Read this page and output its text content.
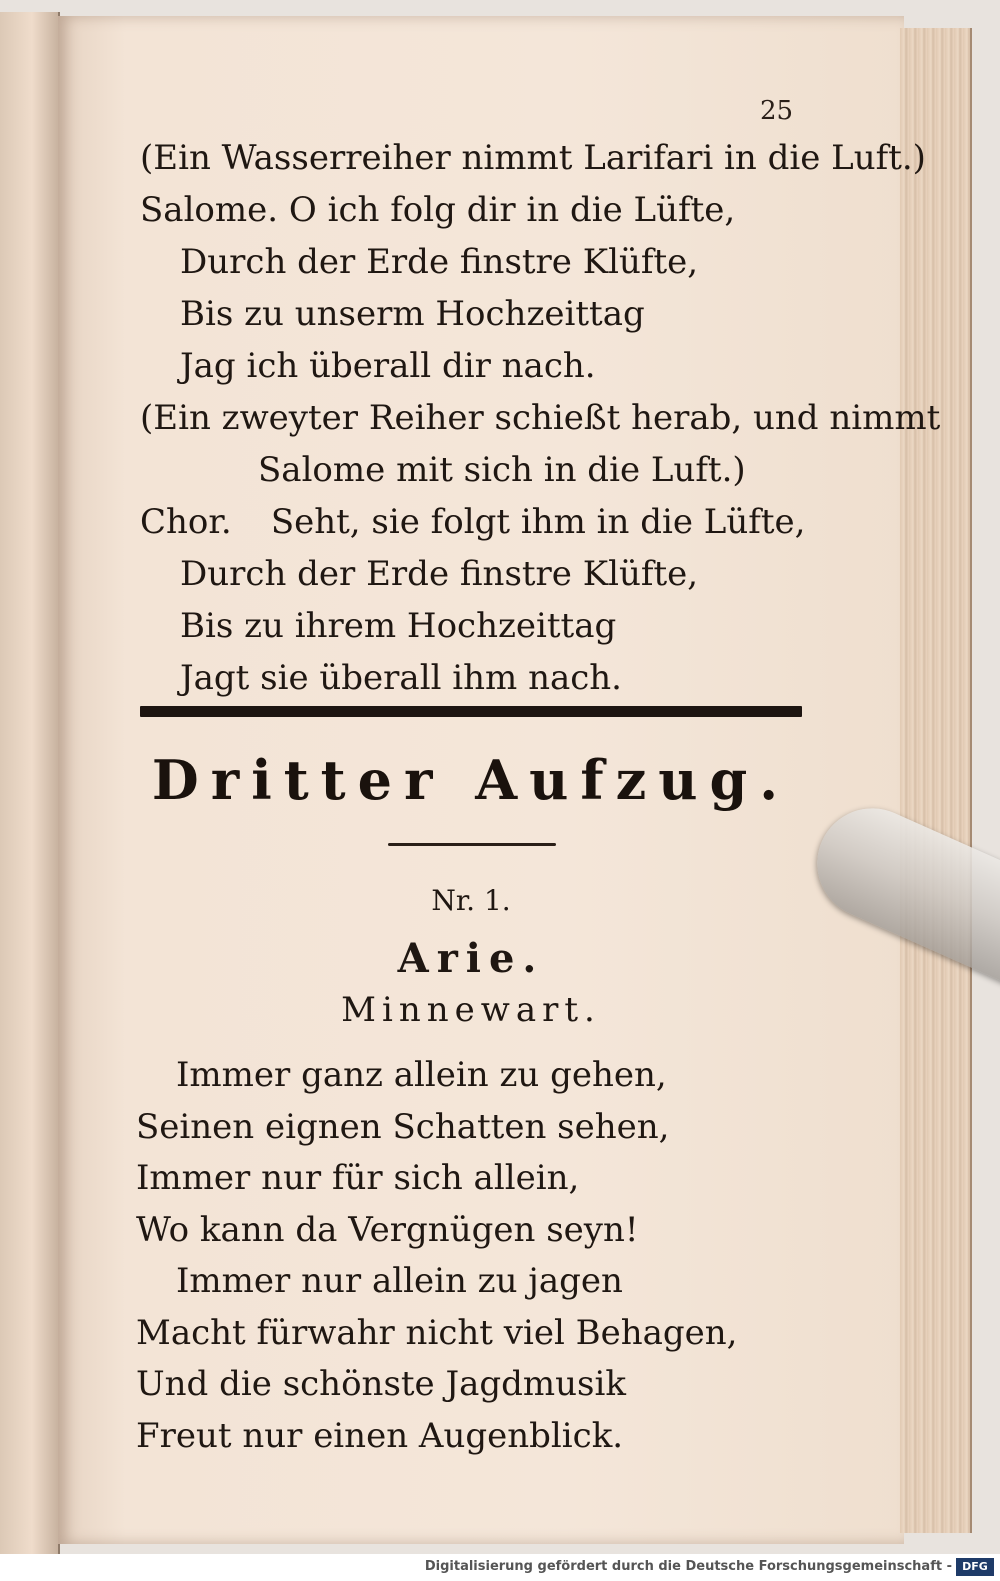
25
(Ein Wasserreiher nimmt Larifari in die Luft.)
Salome. O ich folg dir in die Lüfte,
Durch der Erde finstre Klüfte,
Bis zu unserm Hochzeittag
Jag ich überall dir nach.
(Ein zweyter Reiher schießt herab, und nimmt
Salome mit sich in die Luft.)
Chor. Seht, sie folgt ihm in die Lüfte,
Durch der Erde finstre Klüfte,
Bis zu ihrem Hochzeittag
Jagt sie überall ihm nach.
Dritter Aufzug.
Nr. 1.
Arie.
Minnewart.
Immer ganz allein zu gehen,
Seinen eignen Schatten sehen,
Immer nur für sich allein,
Wo kann da Vergnügen seyn!
Immer nur allein zu jagen
Macht fürwahr nicht viel Behagen,
Und die schönste Jagdmusik
Freut nur einen Augenblick.
Digitalisierung gefördert durch die Deutsche Forschungsgemeinschaft - DFG
